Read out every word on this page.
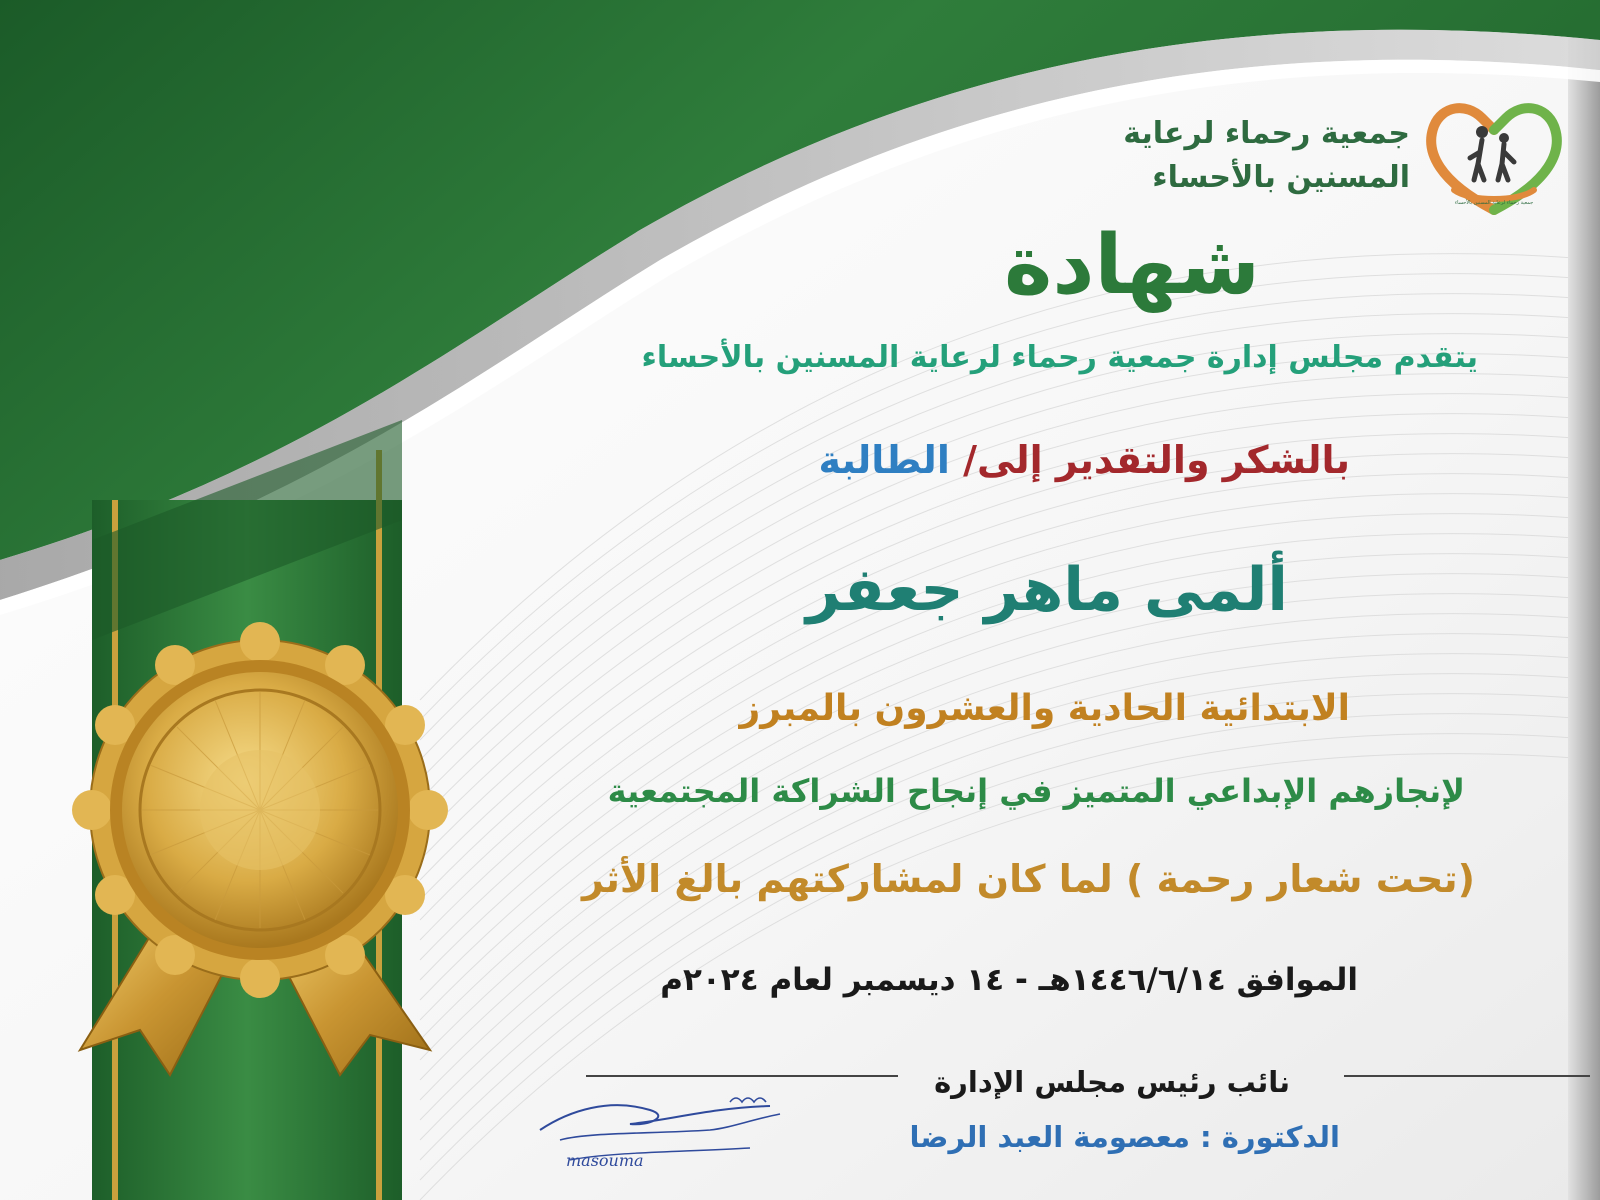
جمعية رحماء لرعاية المسنين بالأحساء
جمعية رحماء لرعاية
المسنين بالأحساء
شهادة
يتقدم مجلس إدارة جمعية رحماء لرعاية المسنين بالأحساء
بالشكر والتقدير إلى/ الطالبة
ألمى ماهر جعفر
الابتدائية الحادية والعشرون بالمبرز
لإنجازهم الإبداعي المتميز في إنجاح الشراكة المجتمعية
(تحت شعار رحمة ) لما كان لمشاركتهم بالغ الأثر
الموافق ١٤٤٦/٦/١٤هـ - ١٤ ديسمبر لعام ٢٠٢٤م
نائب رئيس مجلس الإدارة
الدكتورة : معصومة العبد الرضا
masouma
